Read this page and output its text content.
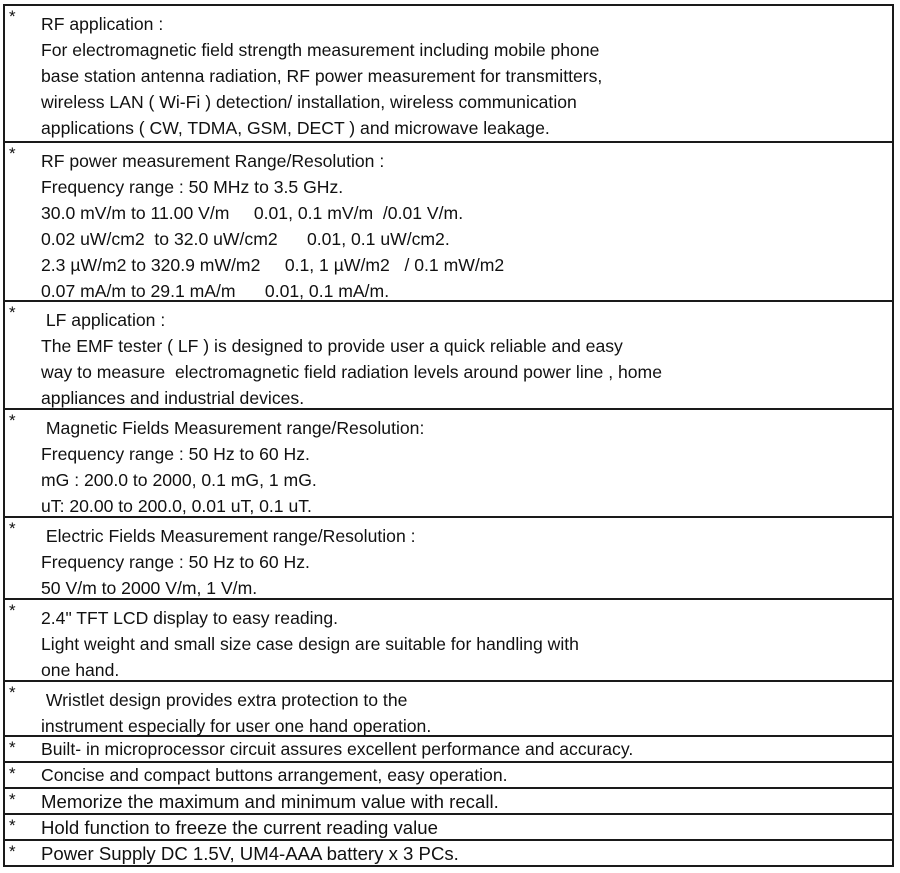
* RF application :
For electromagnetic field strength measurement including mobile phone
base station antenna radiation, RF power measurement for transmitters,
wireless LAN ( Wi-Fi ) detection/ installation, wireless communication
applications ( CW, TDMA, GSM, DECT ) and microwave leakage.
* RF power measurement Range/Resolution :
Frequency range : 50 MHz to 3.5 GHz.
30.0 mV/m to 11.00 V/m     0.01, 0.1 mV/m  /0.01 V/m.
0.02 uW/cm2  to 32.0 uW/cm2      0.01, 0.1 uW/cm2.
2.3 µW/m2 to 320.9 mW/m2     0.1, 1 µW/m2   / 0.1 mW/m2
0.07 mA/m to 29.1 mA/m      0.01, 0.1 mA/m.
* LF application :
The EMF tester ( LF ) is designed to provide user a quick reliable and easy
way to measure  electromagnetic field radiation levels around power line , home
appliances and industrial devices.
* Magnetic Fields Measurement range/Resolution:
Frequency range : 50 Hz to 60 Hz.
mG : 200.0 to 2000, 0.1 mG, 1 mG.
uT: 20.00 to 200.0, 0.01 uT, 0.1 uT.
* Electric Fields Measurement range/Resolution :
Frequency range : 50 Hz to 60 Hz.
50 V/m to 2000 V/m, 1 V/m.
* 2.4" TFT LCD display to easy reading.
Light weight and small size case design are suitable for handling with
one hand.
* Wristlet design provides extra protection to the
instrument especially for user one hand operation.
* Built- in microprocessor circuit assures excellent performance and accuracy.
* Concise and compact buttons arrangement, easy operation.
* Memorize the maximum and minimum value with recall.
* Hold function to freeze the current reading value
* Power Supply DC 1.5V, UM4-AAA battery x 3 PCs.
